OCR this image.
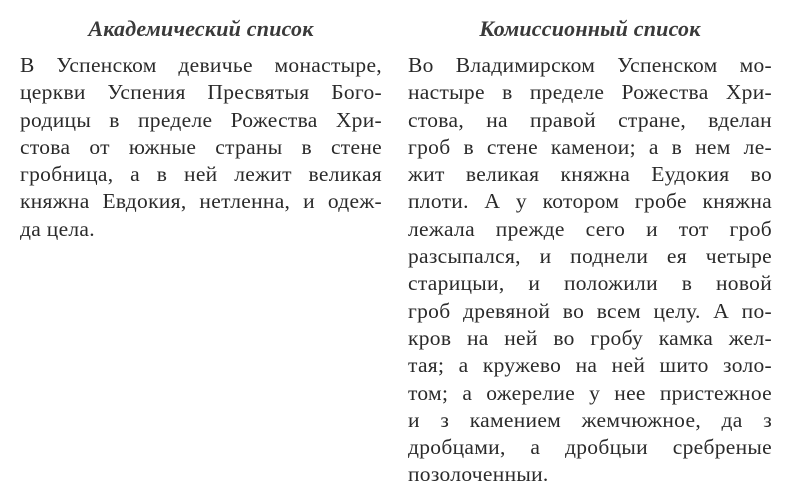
Академический список
В Успенском девичье монастыре,
церкви Успения Пресвятыя Бого-
родицы в пределе Рожества Хри-
стова от южные страны в стене
гробница, а в ней лежит великая
княжна Евдокия, нетленна, и одеж-
да цела.
Комиссионный список
Во Владимирском Успенском мо-
настыре в пределе Рожества Хри-
стова, на правой стране, вделан
гроб в стене каменои; а в нем ле-
жит великая княжна Еудокия во
плоти. А у котором гробе княжна
лежала прежде сего и тот гроб
разсыпался, и поднели ея четыре
старицыи, и положили в новой
гроб древяной во всем целу. А по-
кров на ней во гробу камка жел-
тая; а кружево на ней шито золо-
том; а ожерелие у нее пристежное
и з камением жемчюжное, да з
дробцами, а дробцыи сребреные
позолоченныи.
